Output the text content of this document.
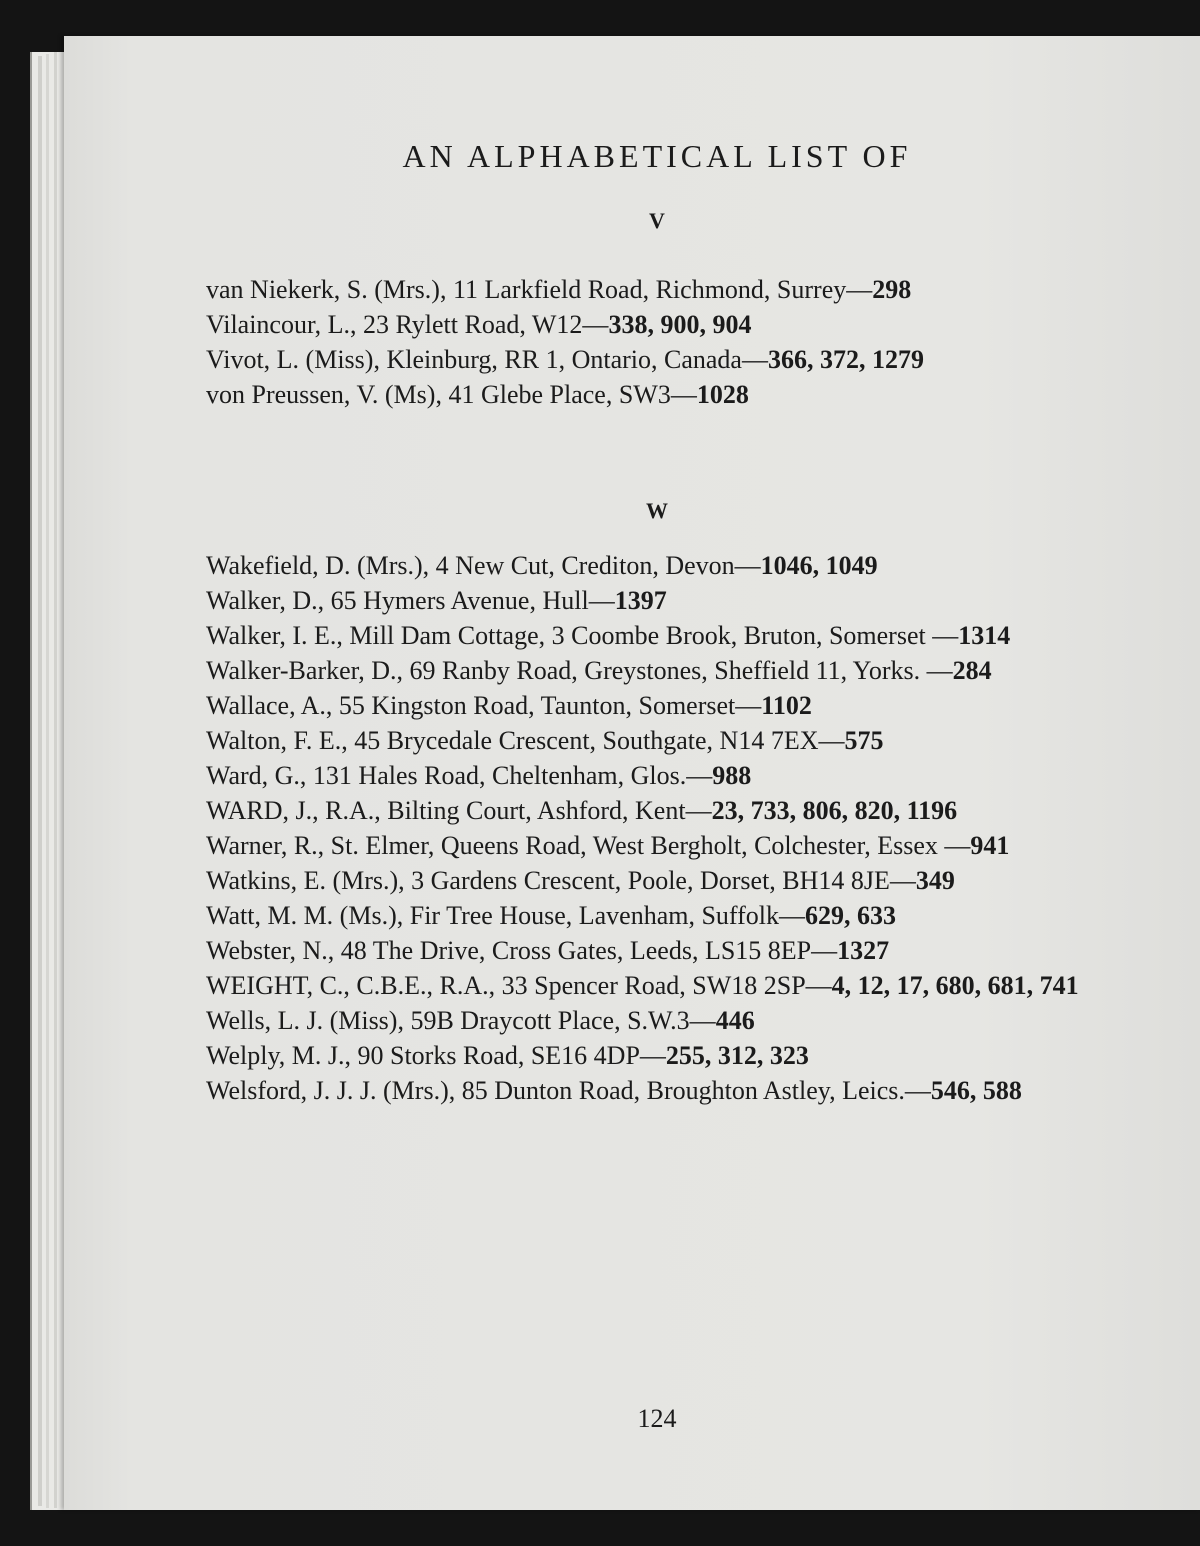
AN ALPHABETICAL LIST OF
V
van Niekerk, S. (Mrs.), 11 Larkfield Road, Richmond, Surrey—298
Vilaincour, L., 23 Rylett Road, W12—338, 900, 904
Vivot, L. (Miss), Kleinburg, RR 1, Ontario, Canada—366, 372, 1279
von Preussen, V. (Ms), 41 Glebe Place, SW3—1028
W
Wakefield, D. (Mrs.), 4 New Cut, Crediton, Devon—1046, 1049
Walker, D., 65 Hymers Avenue, Hull—1397
Walker, I. E., Mill Dam Cottage, 3 Coombe Brook, Bruton, Somerset —1314
Walker-Barker, D., 69 Ranby Road, Greystones, Sheffield 11, Yorks. —284
Wallace, A., 55 Kingston Road, Taunton, Somerset—1102
Walton, F. E., 45 Brycedale Crescent, Southgate, N14 7EX—575
Ward, G., 131 Hales Road, Cheltenham, Glos.—988
WARD, J., R.A., Bilting Court, Ashford, Kent—23, 733, 806, 820, 1196
Warner, R., St. Elmer, Queens Road, West Bergholt, Colchester, Essex —941
Watkins, E. (Mrs.), 3 Gardens Crescent, Poole, Dorset, BH14 8JE—349
Watt, M. M. (Ms.), Fir Tree House, Lavenham, Suffolk—629, 633
Webster, N., 48 The Drive, Cross Gates, Leeds, LS15 8EP—1327
WEIGHT, C., C.B.E., R.A., 33 Spencer Road, SW18 2SP—4, 12, 17, 680, 681, 741
Wells, L. J. (Miss), 59B Draycott Place, S.W.3—446
Welply, M. J., 90 Storks Road, SE16 4DP—255, 312, 323
Welsford, J. J. J. (Mrs.), 85 Dunton Road, Broughton Astley, Leics.—546, 588
124
